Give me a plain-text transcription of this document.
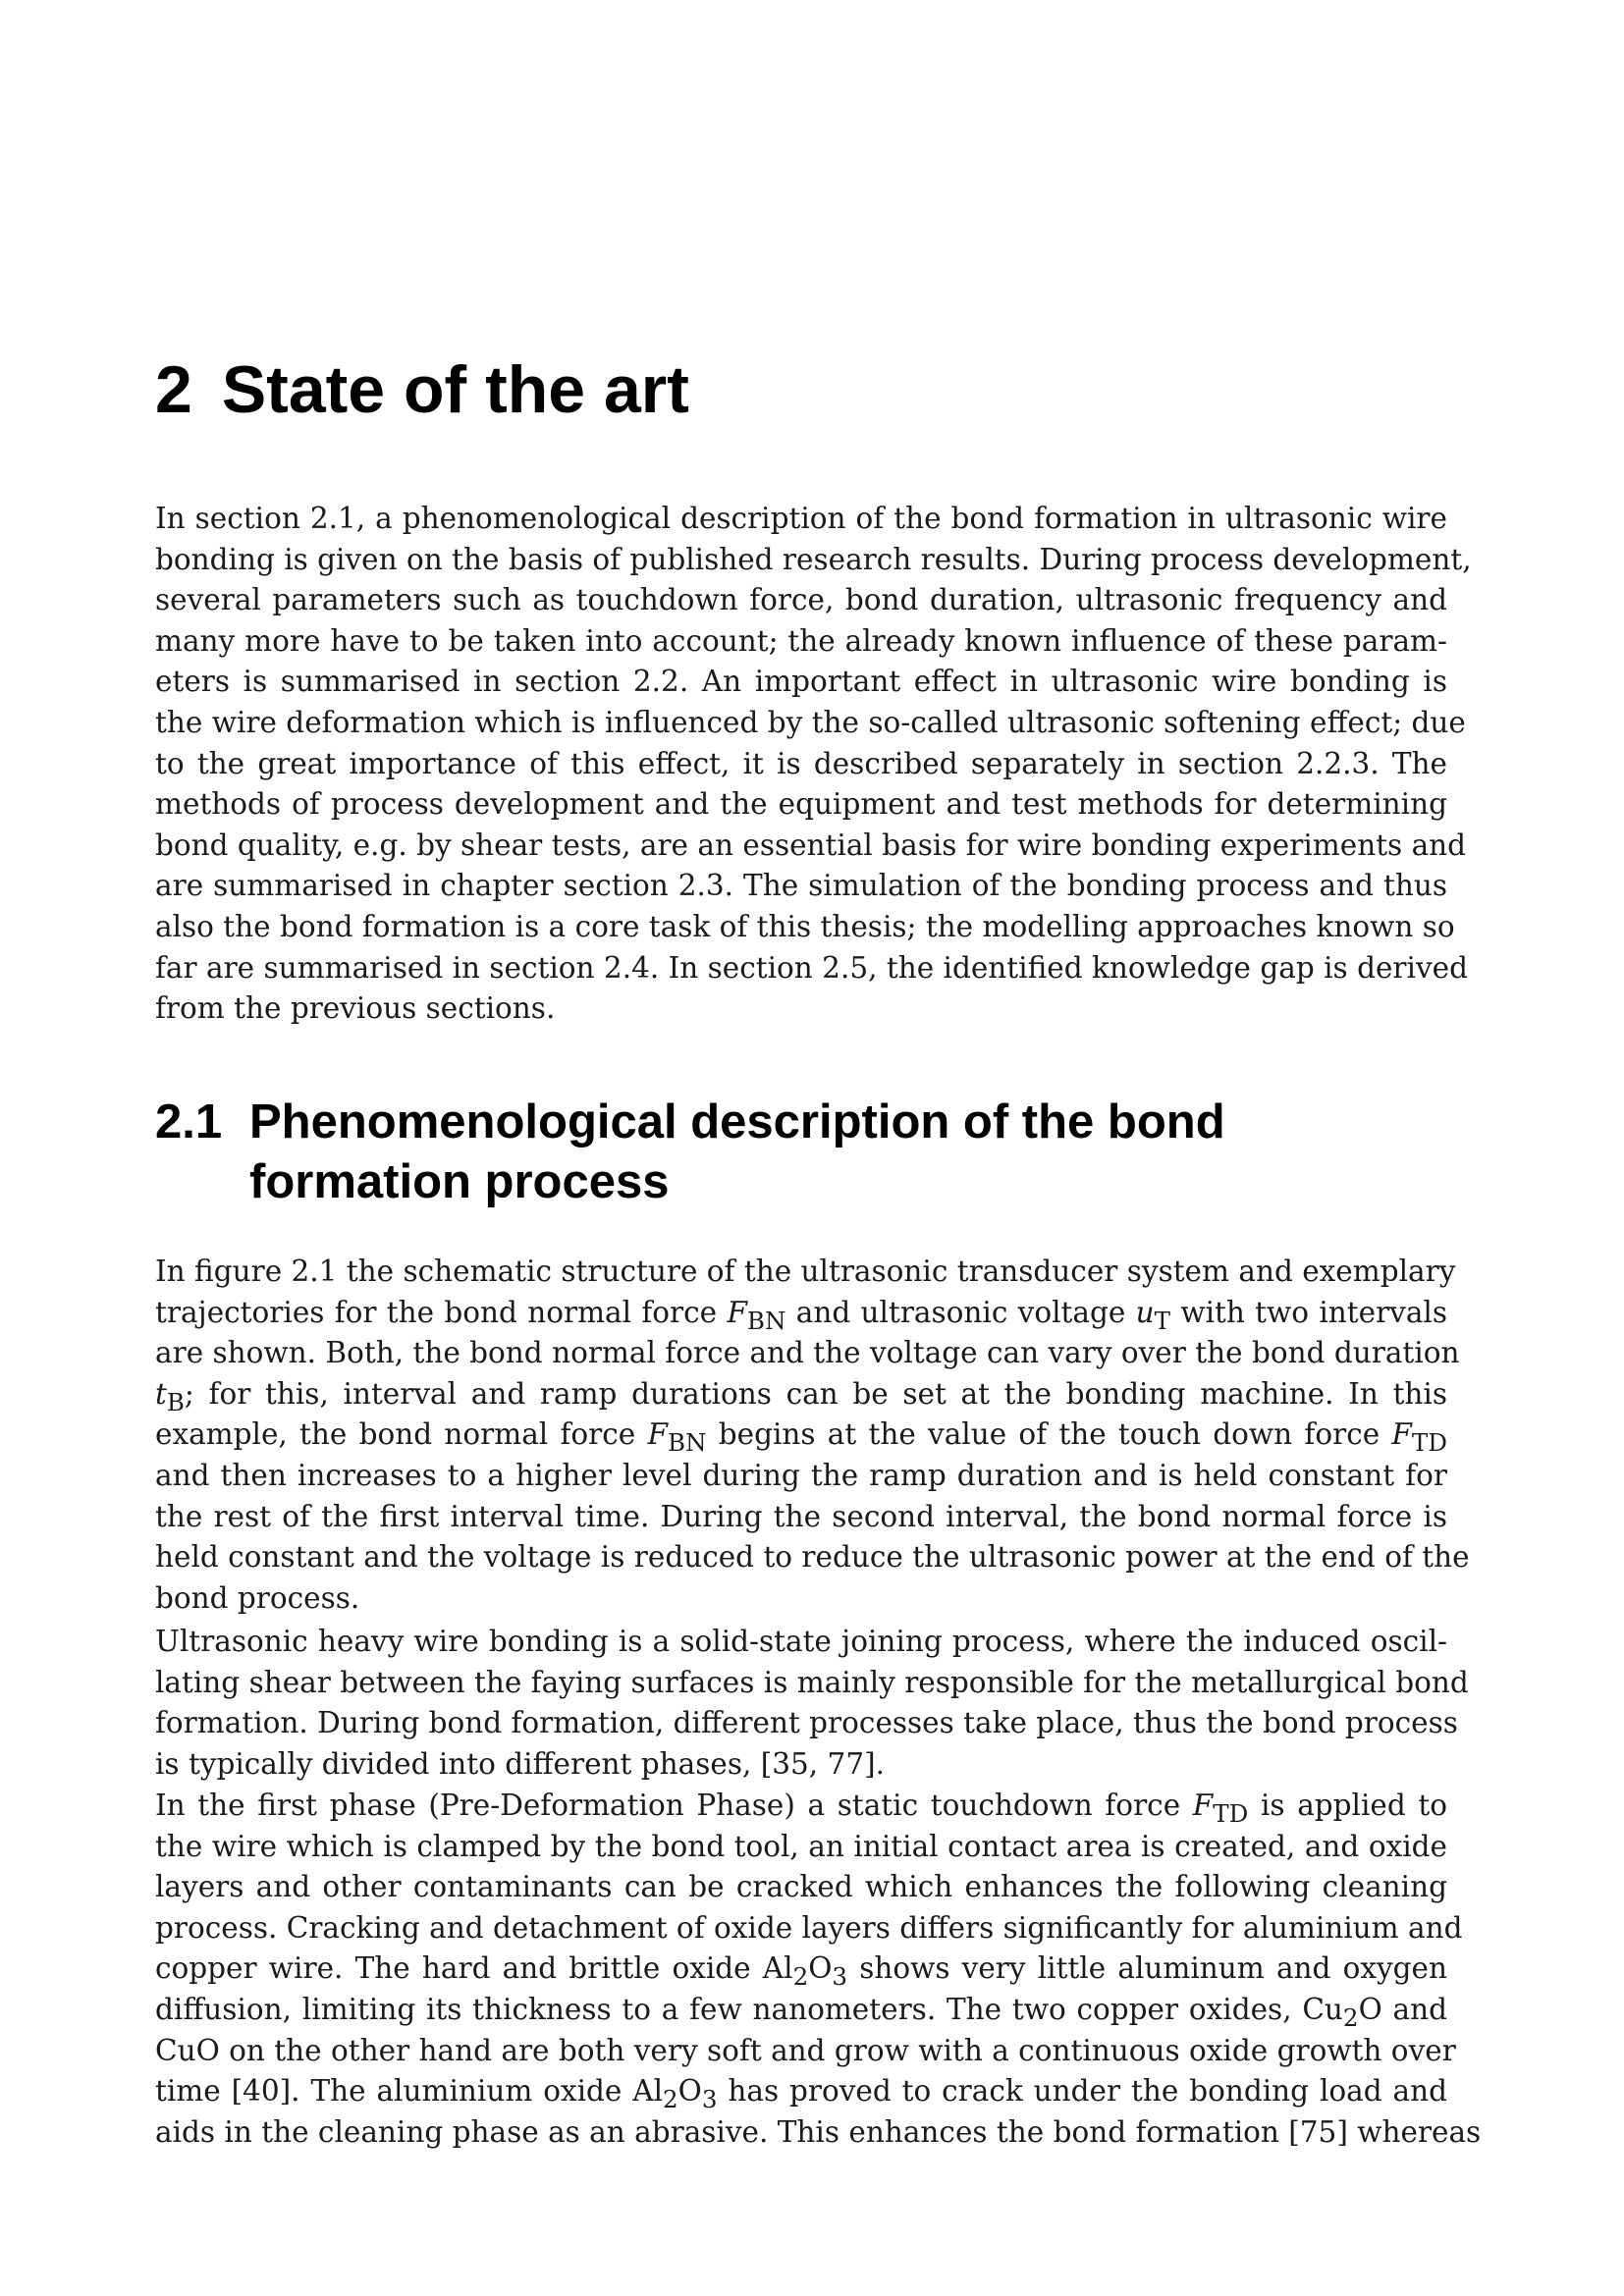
2 State of the art
In section 2.1, a phenomenological description of the bond formation in ultrasonic wire
bonding is given on the basis of published research results. During process development,
several parameters such as touchdown force, bond duration, ultrasonic frequency and
many more have to be taken into account; the already known influence of these param-
eters is summarised in section 2.2. An important effect in ultrasonic wire bonding is
the wire deformation which is influenced by the so-called ultrasonic softening effect; due
to the great importance of this effect, it is described separately in section 2.2.3. The
methods of process development and the equipment and test methods for determining
bond quality, e.g. by shear tests, are an essential basis for wire bonding experiments and
are summarised in chapter section 2.3. The simulation of the bonding process and thus
also the bond formation is a core task of this thesis; the modelling approaches known so
far are summarised in section 2.4. In section 2.5, the identified knowledge gap is derived
from the previous sections.
2.1 Phenomenological description of the bond
formation process
In figure 2.1 the schematic structure of the ultrasonic transducer system and exemplary
trajectories for the bond normal force $F_{BN}$ and ultrasonic voltage $u_T$ with two intervals
are shown. Both, the bond normal force and the voltage can vary over the bond duration
$t_B$; for this, interval and ramp durations can be set at the bonding machine. In this
example, the bond normal force $F_{BN}$ begins at the value of the touch down force $F_{TD}$
and then increases to a higher level during the ramp duration and is held constant for
the rest of the first interval time. During the second interval, the bond normal force is
held constant and the voltage is reduced to reduce the ultrasonic power at the end of the
bond process.
Ultrasonic heavy wire bonding is a solid-state joining process, where the induced oscil-
lating shear between the faying surfaces is mainly responsible for the metallurgical bond
formation. During bond formation, different processes take place, thus the bond process
is typically divided into different phases, [35, 77].
In the first phase (Pre-Deformation Phase) a static touchdown force $F_{TD}$ is applied to
the wire which is clamped by the bond tool, an initial contact area is created, and oxide
layers and other contaminants can be cracked which enhances the following cleaning
process. Cracking and detachment of oxide layers differs significantly for aluminium and
copper wire. The hard and brittle oxide $Al_2O_3$ shows very little aluminum and oxygen
diffusion, limiting its thickness to a few nanometers. The two copper oxides, $Cu_2O$ and
CuO on the other hand are both very soft and grow with a continuous oxide growth over
time [40]. The aluminium oxide $Al_2O_3$ has proved to crack under the bonding load and
aids in the cleaning phase as an abrasive. This enhances the bond formation [75] whereas
